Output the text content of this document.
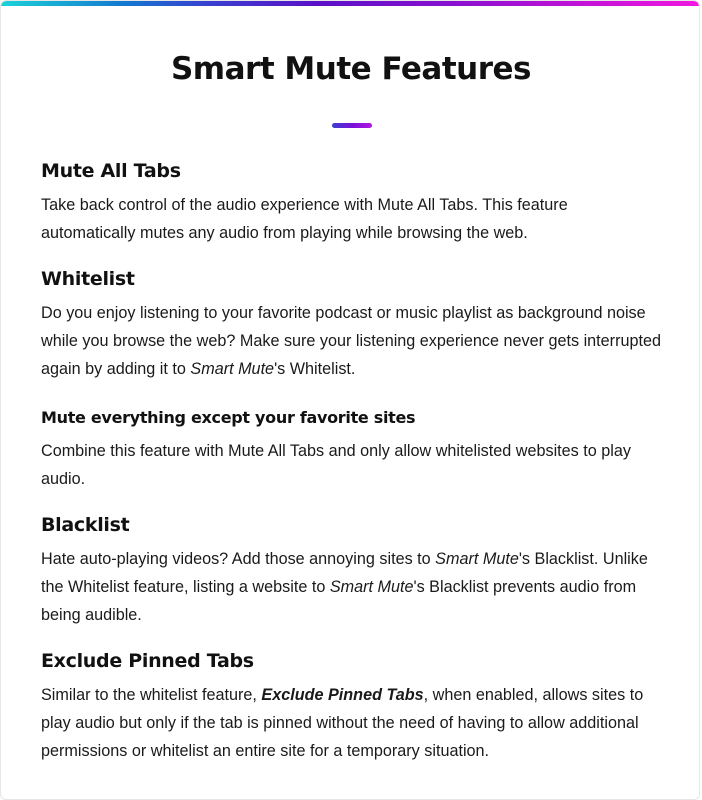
Smart Mute Features
Mute All Tabs

Take back control of the audio experience with Mute All Tabs. This feature automatically mutes any audio from playing while browsing the web.

Whitelist

Do you enjoy listening to your favorite podcast or music playlist as background noise while you browse the web? Make sure your listening experience never gets interrupted again by adding it to Smart Mute's Whitelist.

Mute everything except your favorite sites

Combine this feature with Mute All Tabs and only allow whitelisted websites to play audio.

Blacklist

Hate auto-playing videos? Add those annoying sites to Smart Mute's Blacklist. Unlike the Whitelist feature, listing a website to Smart Mute's Blacklist prevents audio from being audible.

Exclude Pinned Tabs

Similar to the whitelist feature, Exclude Pinned Tabs, when enabled, allows sites to play audio but only if the tab is pinned without the need of having to allow additional permissions or whitelist an entire site for a temporary situation.
